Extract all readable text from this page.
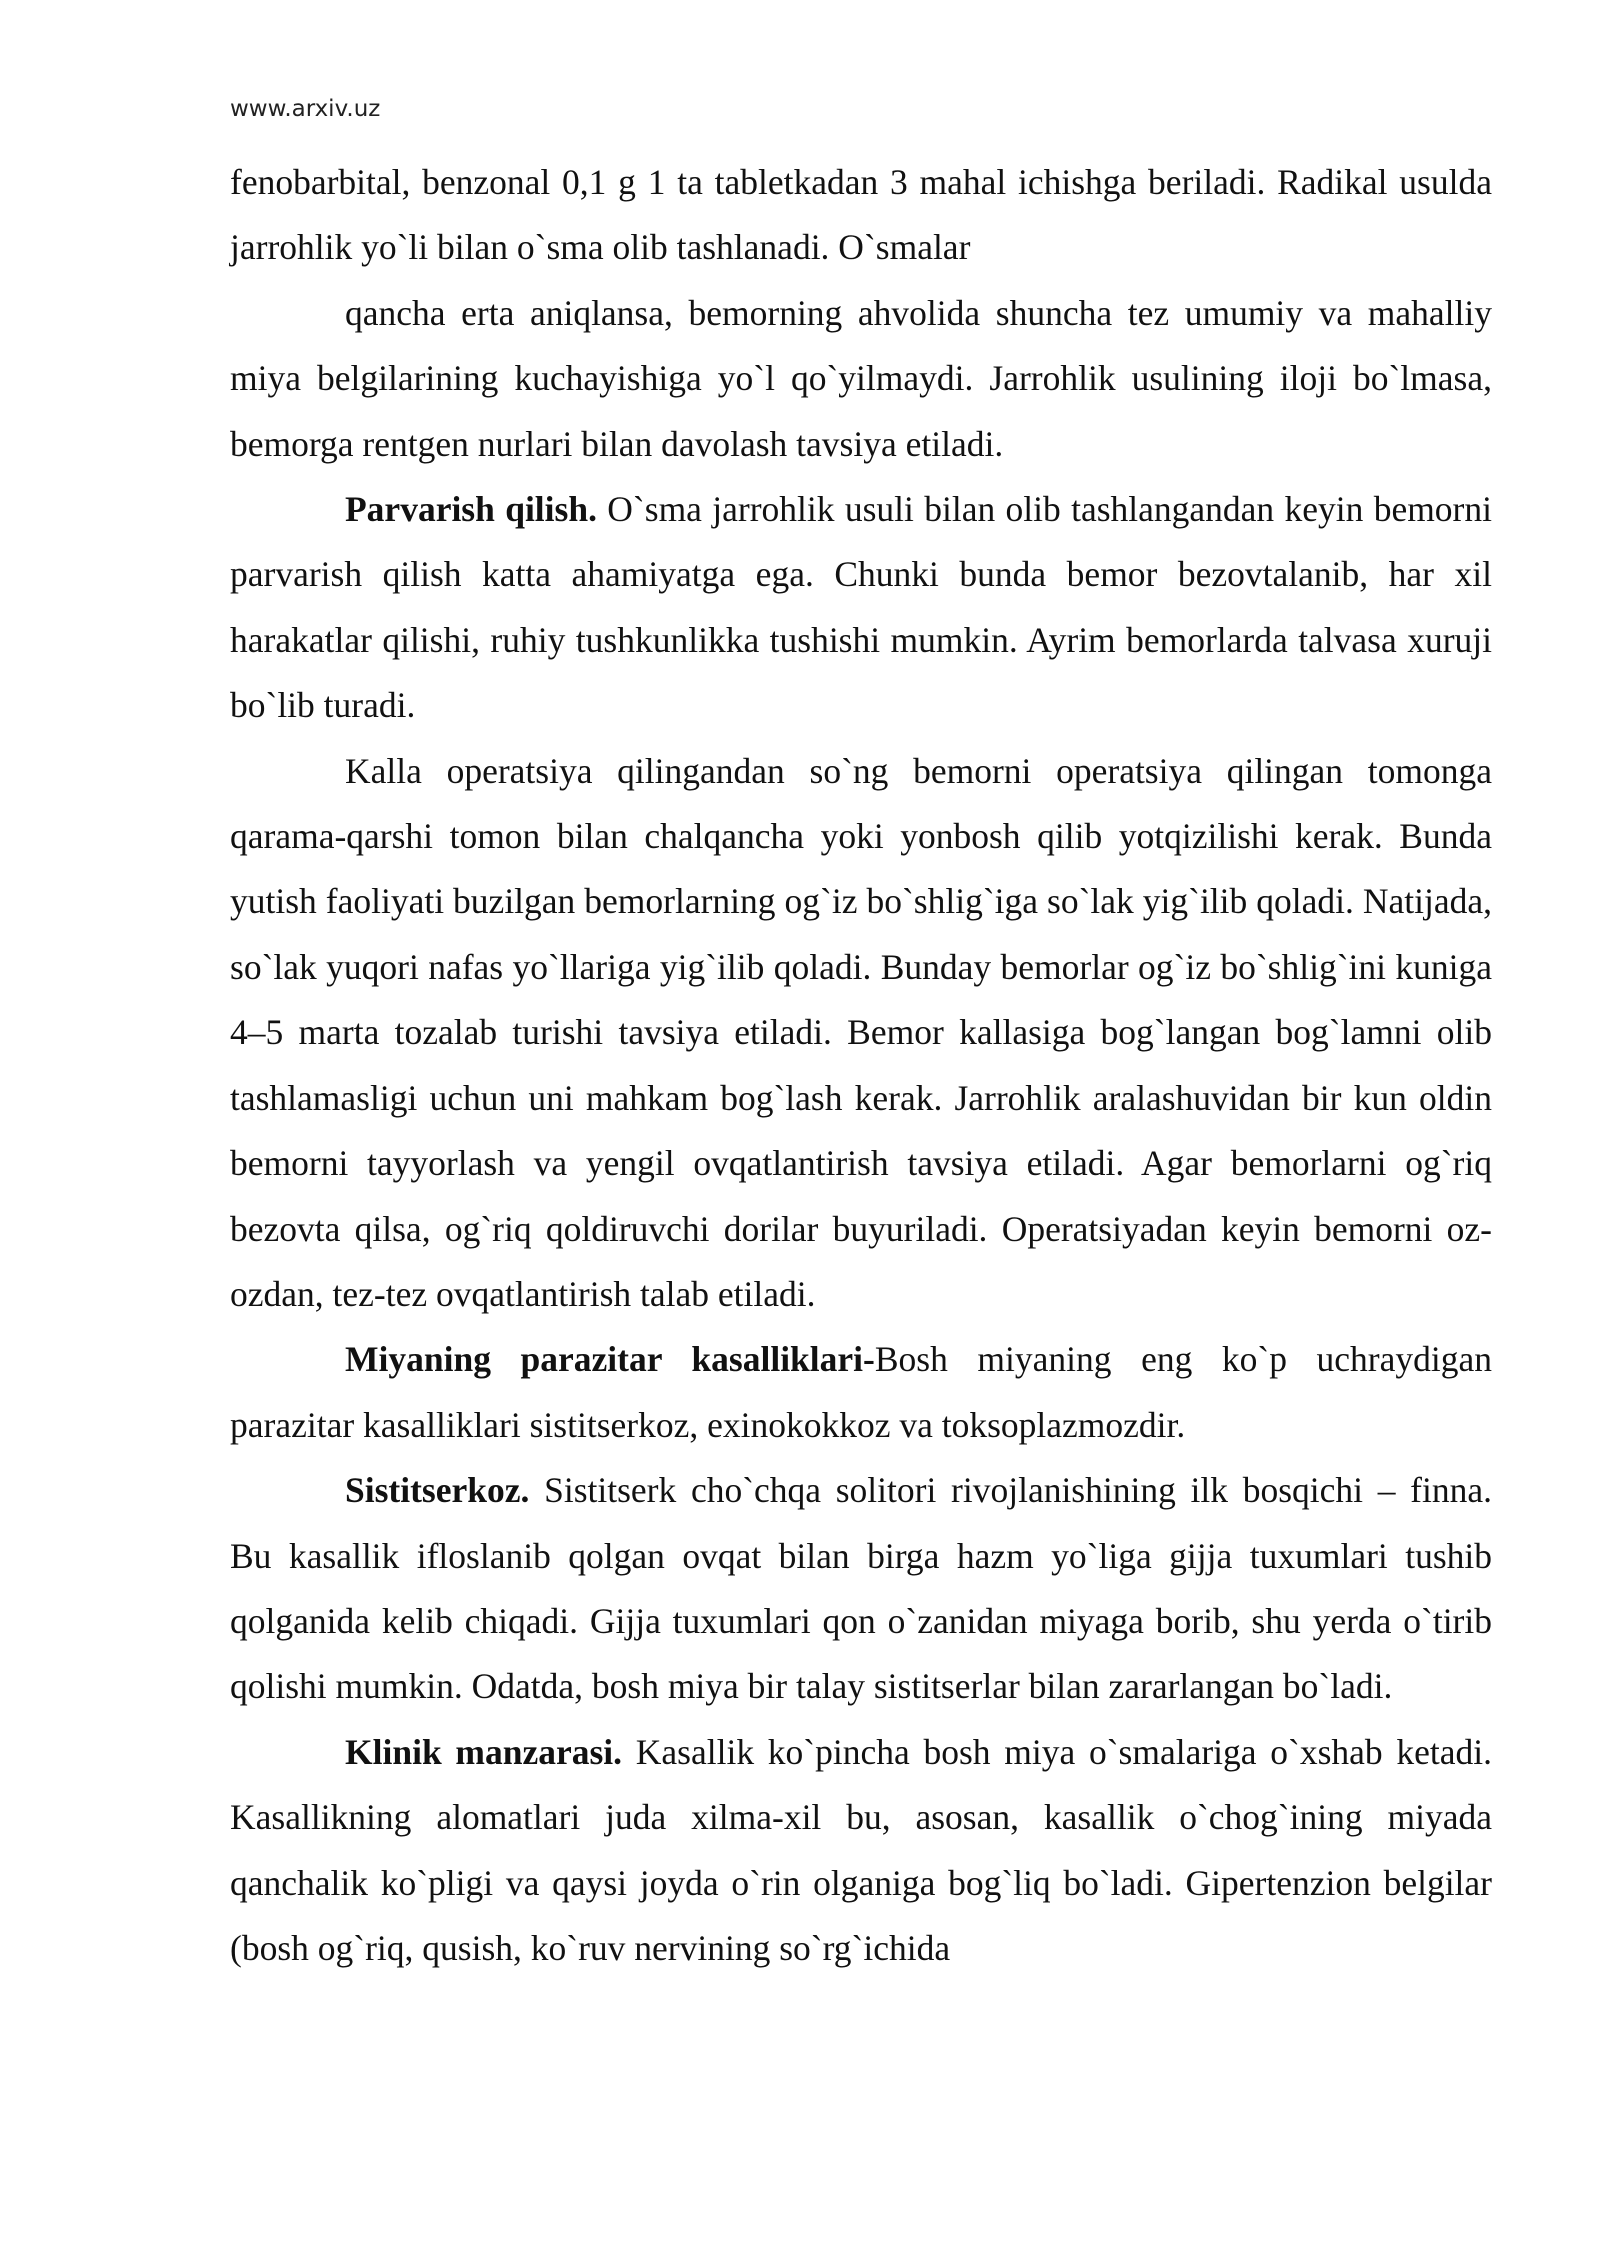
www.arxiv.uz

fenobarbital, benzonal 0,1 g 1 ta tabletkadan 3 mahal ichishga beriladi. Radikal usulda jarrohlik yo`li bilan o`sma olib tashlanadi. O`smalar

qancha erta aniqlansa, bemorning ahvolida shuncha tez umumiy va mahalliy miya belgilarining kuchayishiga yo`l qo`yilmaydi. Jarrohlik usulining iloji bo`lmasa, bemorga rentgen nurlari bilan davolash tavsiya etiladi.

Parvarish qilish. O`sma jarrohlik usuli bilan olib tashlangandan keyin bemorni parvarish qilish katta ahamiyatga ega. Chunki bunda bemor bezovtalanib, har xil harakatlar qilishi, ruhiy tushkunlikka tushishi mumkin. Ayrim bemorlarda talvasa xuruji bo`lib turadi.

Kalla operatsiya qilingandan so`ng bemorni operatsiya qilingan tomonga qarama-qarshi tomon bilan chalqancha yoki yonbosh qilib yotqizilishi kerak. Bunda yutish faoliyati buzilgan bemorlarning og`iz bo`shlig`iga so`lak yig`ilib qoladi. Natijada, so`lak yuqori nafas yo`llariga yig`ilib qoladi. Bunday bemorlar og`iz bo`shlig`ini kuniga 4–5 marta tozalab turishi tavsiya etiladi. Bemor kallasiga bog`langan bog`lamni olib tashlamasligi uchun uni mahkam bog`lash kerak. Jarrohlik aralashuvidan bir kun oldin bemorni tayyorlash va yengil ovqatlantirish tavsiya etiladi. Agar bemorlarni og`riq bezovta qilsa, og`riq qoldiruvchi dorilar buyuriladi. Operatsiyadan keyin bemorni oz-ozdan, tez-tez ovqatlantirish talab etiladi.

Miyaning parazitar kasalliklari-Bosh miyaning eng ko`p uchraydigan parazitar kasalliklari sistitserkoz, exinokokkoz va toksoplazmozdir.

Sistitserkoz. Sistitserk cho`chqa solitori rivojlanishining ilk bosqichi – finna. Bu kasallik ifloslanib qolgan ovqat bilan birga hazm yo`liga gijja tuxumlari tushib qolganida kelib chiqadi. Gijja tuxumlari qon o`zanidan miyaga borib, shu yerda o`tirib qolishi mumkin. Odatda, bosh miya bir talay sistitserlar bilan zararlangan bo`ladi.

Klinik manzarasi. Kasallik ko`pincha bosh miya o`smalariga o`xshab ketadi. Kasallikning alomatlari juda xilma-xil bu, asosan, kasallik o`chog`ining miyada qanchalik ko`pligi va qaysi joyda o`rin olganiga bog`liq bo`ladi. Gipertenzion belgilar (bosh og`riq, qusish, ko`ruv nervining so`rg`ichida
